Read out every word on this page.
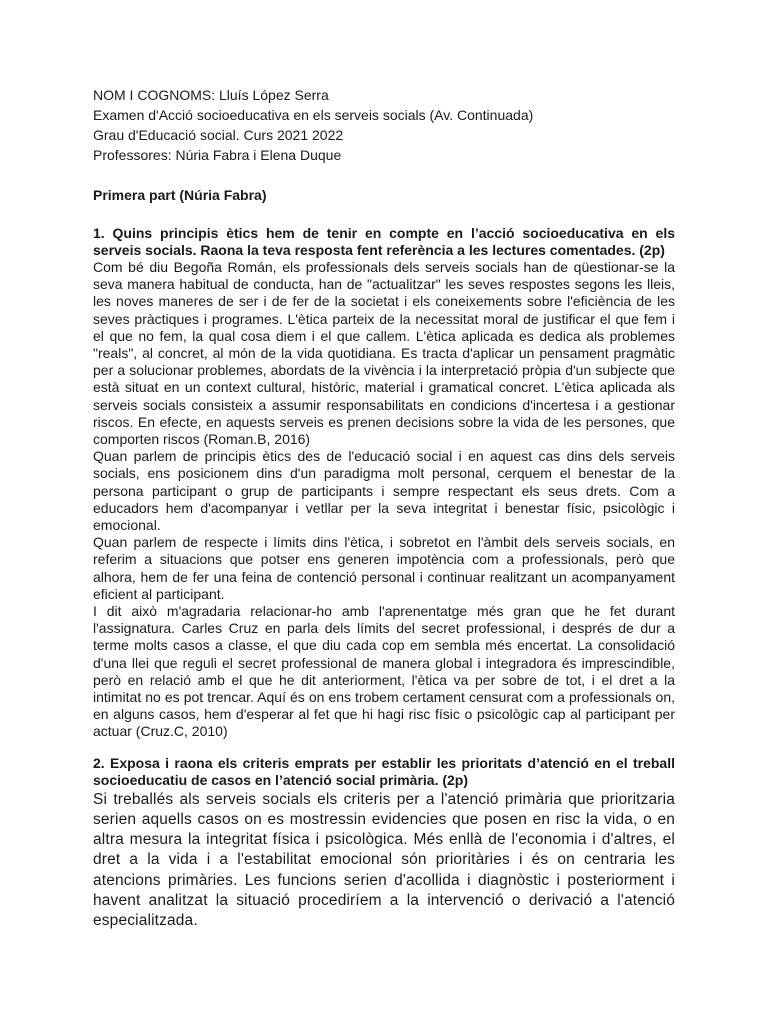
NOM I COGNOMS: Lluís López Serra

Examen d'Acció socioeducativa en els serveis socials (Av. Continuada)

Grau d'Educació social. Curs 2021 2022

Professores: Núria Fabra i Elena Duque

Primera part (Núria Fabra)

1. Quins principis ètics hem de tenir en compte en l’acció socioeducativa en els serveis socials. Raona la teva resposta fent referència a les lectures comentades. (2p)

Com bé diu Begoña Román, els professionals dels serveis socials han de qüestionar-se la seva manera habitual de conducta, han de "actualitzar" les seves respostes segons les lleis, les noves maneres de ser i de fer de la societat i els coneixements sobre l'eficiència de les seves pràctiques i programes. L'ètica parteix de la necessitat moral de justificar el que fem i el que no fem, la qual cosa diem i el que callem. L'ètica aplicada es dedica als problemes "reals", al concret, al món de la vida quotidiana. Es tracta d'aplicar un pensament pragmàtic per a solucionar problemes, abordats de la vivència i la interpretació pròpia d'un subjecte que està situat en un context cultural, històric, material i gramatical concret. L'ètica aplicada als serveis socials consisteix a assumir responsabilitats en condicions d'incertesa i a gestionar riscos. En efecte, en aquests serveis es prenen decisions sobre la vida de les persones, que comporten riscos (Roman.B, 2016)

Quan parlem de principis ètics des de l'educació social i en aquest cas dins dels serveis socials, ens posicionem dins d'un paradigma molt personal, cerquem el benestar de la persona participant o grup de participants i sempre respectant els seus drets. Com a educadors hem d'acompanyar i vetllar per la seva integritat i benestar físic, psicològic i emocional.

Quan parlem de respecte i límits dins l'ètica, i sobretot en l'àmbit dels serveis socials, en referim a situacions que potser ens generen impotència com a professionals, però que alhora, hem de fer una feina de contenció personal i continuar realitzant un acompanyament eficient al participant.

I dit això m'agradaria relacionar-ho amb l'aprenentatge més gran que he fet durant l'assignatura. Carles Cruz en parla dels límits del secret professional, i després de dur a terme molts casos a classe, el que diu cada cop em sembla més encertat. La consolidació d'una llei que reguli el secret professional de manera global i integradora és imprescindible, però en relació amb el que he dit anteriorment, l'ètica va per sobre de tot, i el dret a la intimitat no es pot trencar. Aquí és on ens trobem certament censurat com a professionals on, en alguns casos, hem d'esperar al fet que hi hagi risc físic o psicològic cap al participant per actuar (Cruz.C, 2010)

2. Exposa i raona els criteris emprats per establir les prioritats d’atenció en el treball socioeducatiu de casos en l’atenció social primària. (2p)

Si treballés als serveis socials els criteris per a l'atenció primària que prioritzaria serien aquells casos on es mostressin evidencies que posen en risc la vida, o en altra mesura la integritat física i psicològica. Més enllà de l'economia i d'altres, el dret a la vida i a l'estabilitat emocional són prioritàries i és on centraria les atencions primàries. Les funcions serien d'acollida i diagnòstic i posteriorment i havent analitzat la situació procediríem a la intervenció o derivació a l'atenció especialitzada.
